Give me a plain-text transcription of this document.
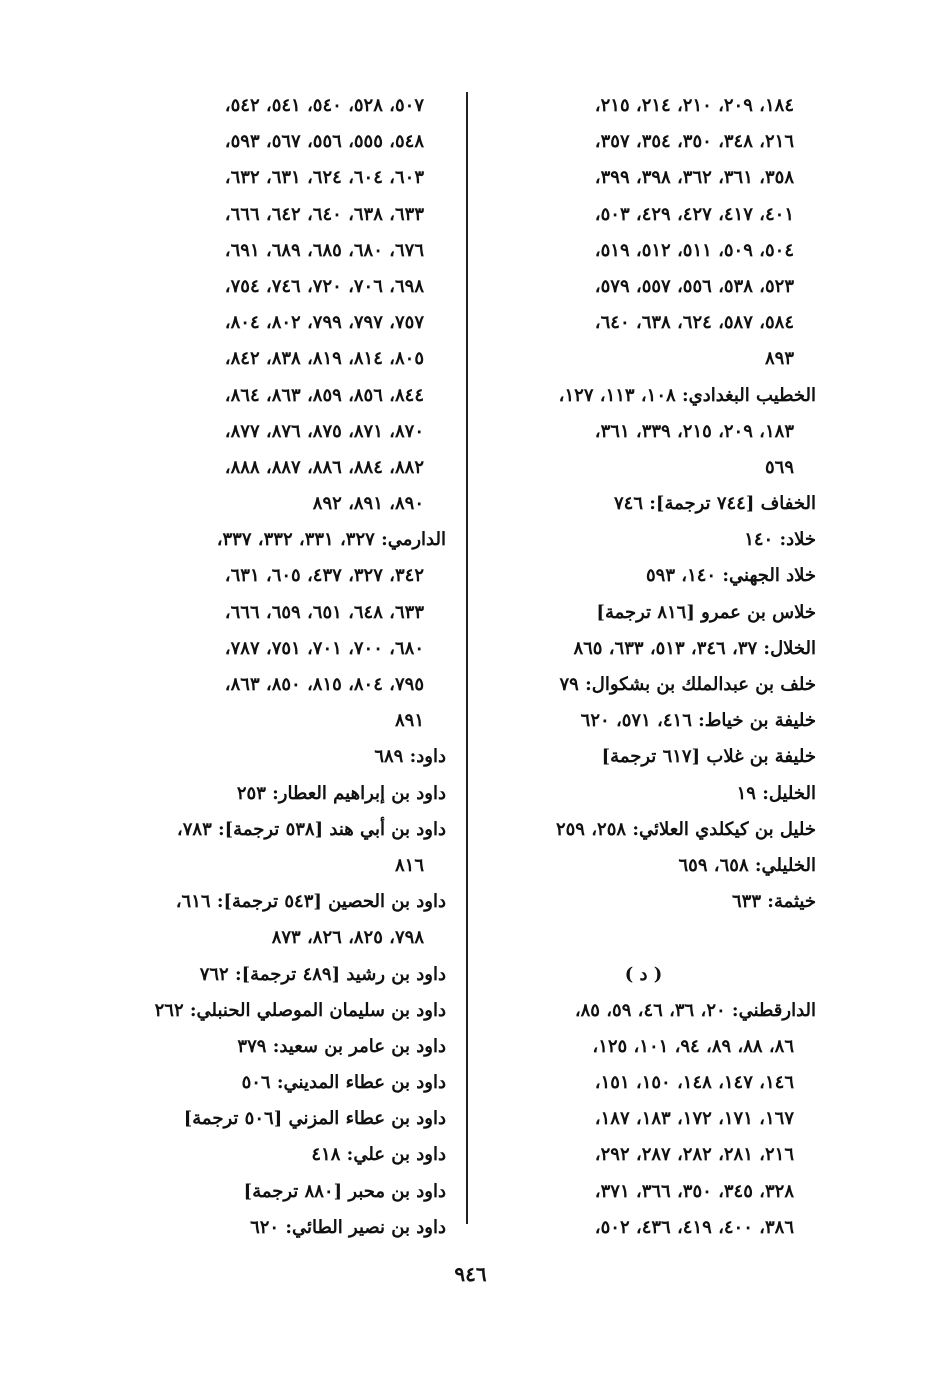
١٨٤، ٢٠٩، ٢١٠، ٢١٤، ٢١٥،
٢١٦، ٣٤٨، ٣٥٠، ٣٥٤، ٣٥٧،
٣٥٨، ٣٦١، ٣٦٢، ٣٩٨، ٣٩٩،
٤٠١، ٤١٧، ٤٢٧، ٤٢٩، ٥٠٣،
٥٠٤، ٥٠٩، ٥١١، ٥١٢، ٥١٩،
٥٢٣، ٥٣٨، ٥٥٦، ٥٥٧، ٥٧٩،
٥٨٤، ٥٨٧، ٦٢٤، ٦٣٨، ٦٤٠،
٨٩٣
الخطيب البغدادي: ١٠٨، ١١٣، ١٢٧،
١٨٣، ٢٠٩، ٢١٥، ٣٣٩، ٣٦١،
٥٦٩
الخفاف [٧٤٤ ترجمة]: ٧٤٦
خلاد: ١٤٠
خلاد الجهني: ١٤٠، ٥٩٣
خلاس بن عمرو [٨١٦ ترجمة]
الخلال: ٣٧، ٣٤٦، ٥١٣، ٦٣٣، ٨٦٥
خلف بن عبدالملك بن بشكوال: ٧٩
خليفة بن خياط: ٤١٦، ٥٧١، ٦٢٠
خليفة بن غلاب [٦١٧ ترجمة]
الخليل: ١٩
خليل بن كيكلدي العلائي: ٢٥٨، ٢٥٩
الخليلي: ٦٥٨، ٦٥٩
خيثمة: ٦٣٣
( د )
الدارقطني: ٢٠، ٣٦، ٤٦، ٥٩، ٨٥،
٨٦، ٨٨، ٨٩، ٩٤، ١٠١، ١٢٥،
١٤٦، ١٤٧، ١٤٨، ١٥٠، ١٥١،
١٦٧، ١٧١، ١٧٢، ١٨٣، ١٨٧،
٢١٦، ٢٨١، ٢٨٢، ٢٨٧، ٢٩٢،
٣٢٨، ٣٤٥، ٣٥٠، ٣٦٦، ٣٧١،
٣٨٦، ٤٠٠، ٤١٩، ٤٣٦، ٥٠٢،
٥٠٧، ٥٢٨، ٥٤٠، ٥٤١، ٥٤٢،
٥٤٨، ٥٥٥، ٥٥٦، ٥٦٧، ٥٩٣،
٦٠٣، ٦٠٤، ٦٢٤، ٦٣١، ٦٣٢،
٦٣٣، ٦٣٨، ٦٤٠، ٦٤٢، ٦٦٦،
٦٧٦، ٦٨٠، ٦٨٥، ٦٨٩، ٦٩١،
٦٩٨، ٧٠٦، ٧٢٠، ٧٤٦، ٧٥٤،
٧٥٧، ٧٩٧، ٧٩٩، ٨٠٢، ٨٠٤،
٨٠٥، ٨١٤، ٨١٩، ٨٣٨، ٨٤٢،
٨٤٤، ٨٥٦، ٨٥٩، ٨٦٣، ٨٦٤،
٨٧٠، ٨٧١، ٨٧٥، ٨٧٦، ٨٧٧،
٨٨٢، ٨٨٤، ٨٨٦، ٨٨٧، ٨٨٨،
٨٩٠، ٨٩١، ٨٩٢
الدارمي: ٣٢٧، ٣٣١، ٣٣٢، ٣٣٧،
٣٤٢، ٣٢٧، ٤٣٧، ٦٠٥، ٦٣١،
٦٣٣، ٦٤٨، ٦٥١، ٦٥٩، ٦٦٦،
٦٨٠، ٧٠٠، ٧٠١، ٧٥١، ٧٨٧،
٧٩٥، ٨٠٤، ٨١٥، ٨٥٠، ٨٦٣،
٨٩١
داود: ٦٨٩
داود بن إبراهيم العطار: ٢٥٣
داود بن أبي هند [٥٣٨ ترجمة]: ٧٨٣،
٨١٦
داود بن الحصين [٥٤٣ ترجمة]: ٦١٦،
٧٩٨، ٨٢٥، ٨٢٦، ٨٧٣
داود بن رشيد [٤٨٩ ترجمة]: ٧٦٢
داود بن سليمان الموصلي الحنبلي: ٢٦٢
داود بن عامر بن سعيد: ٣٧٩
داود بن عطاء المديني: ٥٠٦
داود بن عطاء المزني [٥٠٦ ترجمة]
داود بن علي: ٤١٨
داود بن محبر [٨٨٠ ترجمة]
داود بن نصير الطائي: ٦٢٠
٩٤٦
